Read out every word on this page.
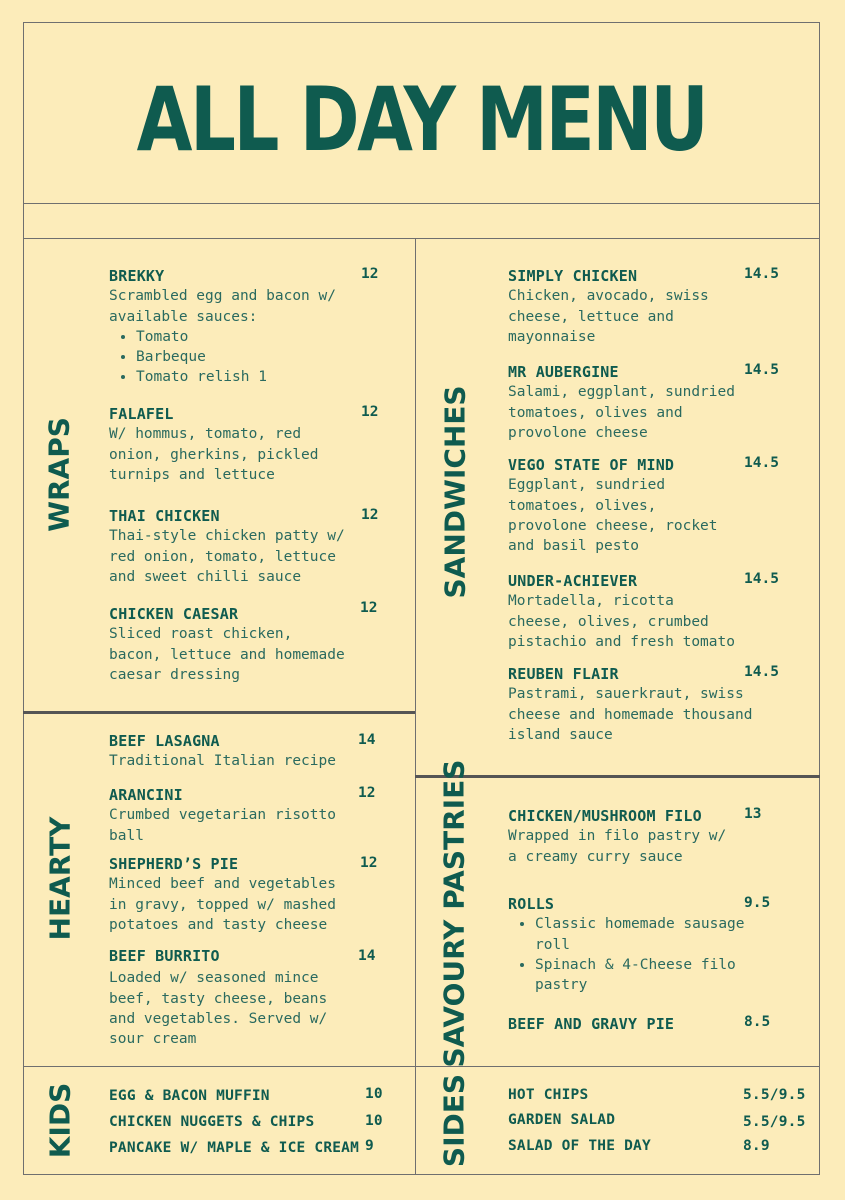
ALL DAY MENU
WRAPS	SANDWICHES
HEARTY	SAVOURY PASTRIES
KIDS	SIDES
BREKKY
Scrambled egg and bacon w/ available sauces:
• Tomato
• Barbeque
• Tomato relish 1
12
FALAFEL
W/ hommus, tomato, red onion, gherkins, pickled turnips and lettuce
12
THAI CHICKEN
Thai-style chicken patty w/ red onion, tomato, lettuce and sweet chilli sauce
12
CHICKEN CAESAR
Sliced roast chicken, bacon, lettuce and homemade caesar dressing
12
SIMPLY CHICKEN
Chicken, avocado, swiss cheese, lettuce and mayonnaise
14.5
MR AUBERGINE
Salami, eggplant, sundried tomatoes, olives and provolone cheese
14.5
VEGO STATE OF MIND
Eggplant, sundried tomatoes, olives, provolone cheese, rocket and basil pesto
14.5
UNDER-ACHIEVER
Mortadella, ricotta cheese, olives, crumbed pistachio and fresh tomato
14.5
REUBEN FLAIR
Pastrami, sauerkraut, swiss cheese and homemade thousand island sauce
14.5
BEEF LASAGNA
Traditional Italian recipe
14
ARANCINI
Crumbed vegetarian risotto ball
12
SHEPHERD’S PIE
Minced beef and vegetables in gravy, topped w/ mashed potatoes and tasty cheese
12
BEEF BURRITO
Loaded w/ seasoned mince beef, tasty cheese, beans and vegetables. Served w/ sour cream
14
CHICKEN/MUSHROOM FILO
Wrapped in filo pastry w/ a creamy curry sauce
13
ROLLS
• Classic homemade sausage roll
• Spinach & 4-Cheese filo pastry
9.5
BEEF AND GRAVY PIE	8.5
EGG & BACON MUFFIN	10
CHICKEN NUGGETS & CHIPS	10
PANCAKE W/ MAPLE & ICE CREAM 9
HOT CHIPS	5.5/9.5
GARDEN SALAD	5.5/9.5
SALAD OF THE DAY	8.9
